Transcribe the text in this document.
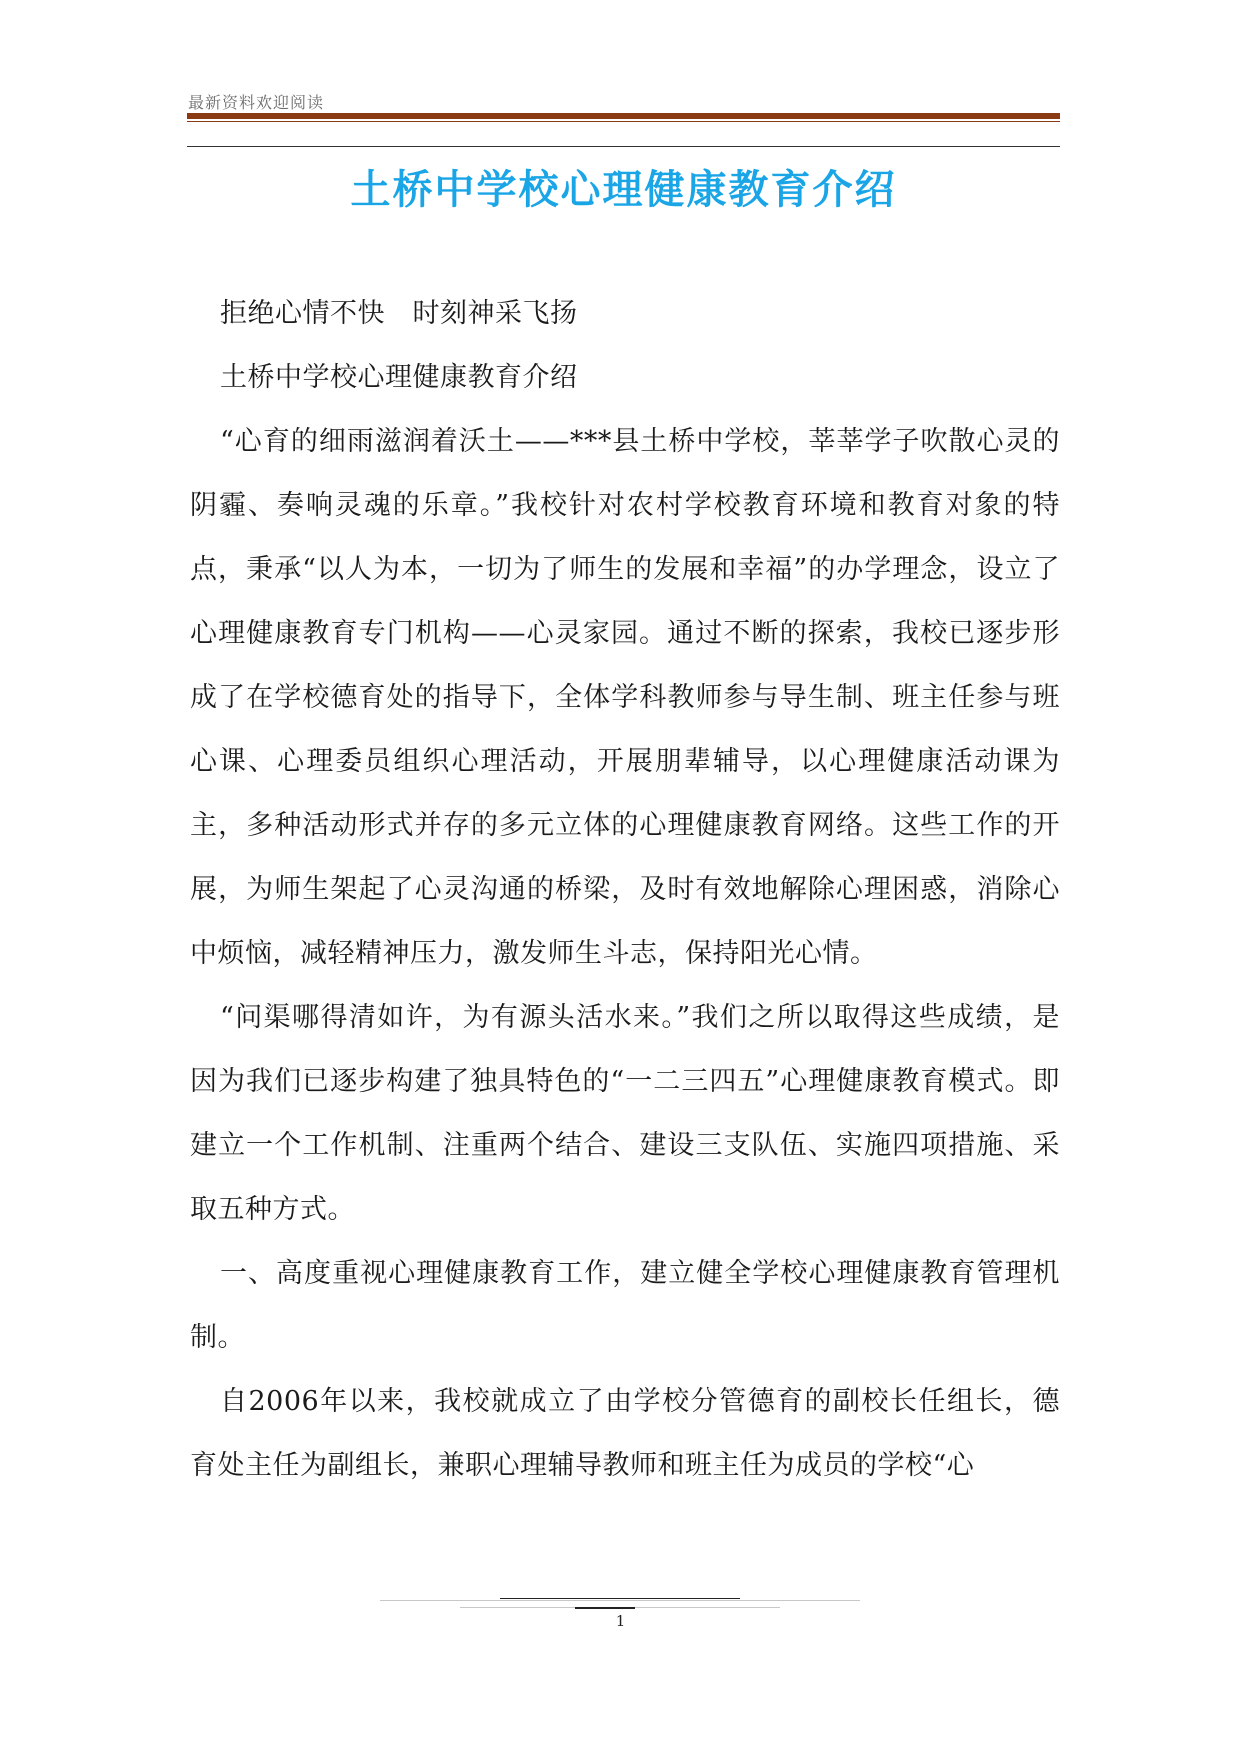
最新资料欢迎阅读
土桥中学校心理健康教育介绍

拒绝心情不快　时刻神采飞扬

土桥中学校心理健康教育介绍

“心育的细雨滋润着沃土——***县土桥中学校，莘莘学子吹散心灵的阴霾、奏响灵魂的乐章。”我校针对农村学校教育环境和教育对象的特点，秉承“以人为本，一切为了师生的发展和幸福”的办学理念，设立了心理健康教育专门机构——心灵家园。通过不断的探索，我校已逐步形成了在学校德育处的指导下，全体学科教师参与导生制、班主任参与班心课、心理委员组织心理活动，开展朋辈辅导，以心理健康活动课为主，多种活动形式并存的多元立体的心理健康教育网络。这些工作的开展，为师生架起了心灵沟通的桥梁，及时有效地解除心理困惑，消除心中烦恼，减轻精神压力，激发师生斗志，保持阳光心情。

“问渠哪得清如许，为有源头活水来。”我们之所以取得这些成绩，是因为我们已逐步构建了独具特色的“一二三四五”心理健康教育模式。即建立一个工作机制、注重两个结合、建设三支队伍、实施四项措施、采取五种方式。

一、高度重视心理健康教育工作，建立健全学校心理健康教育管理机制。

自2006年以来，我校就成立了由学校分管德育的副校长任组长，德育处主任为副组长，兼职心理辅导教师和班主任为成员的学校“心

1
